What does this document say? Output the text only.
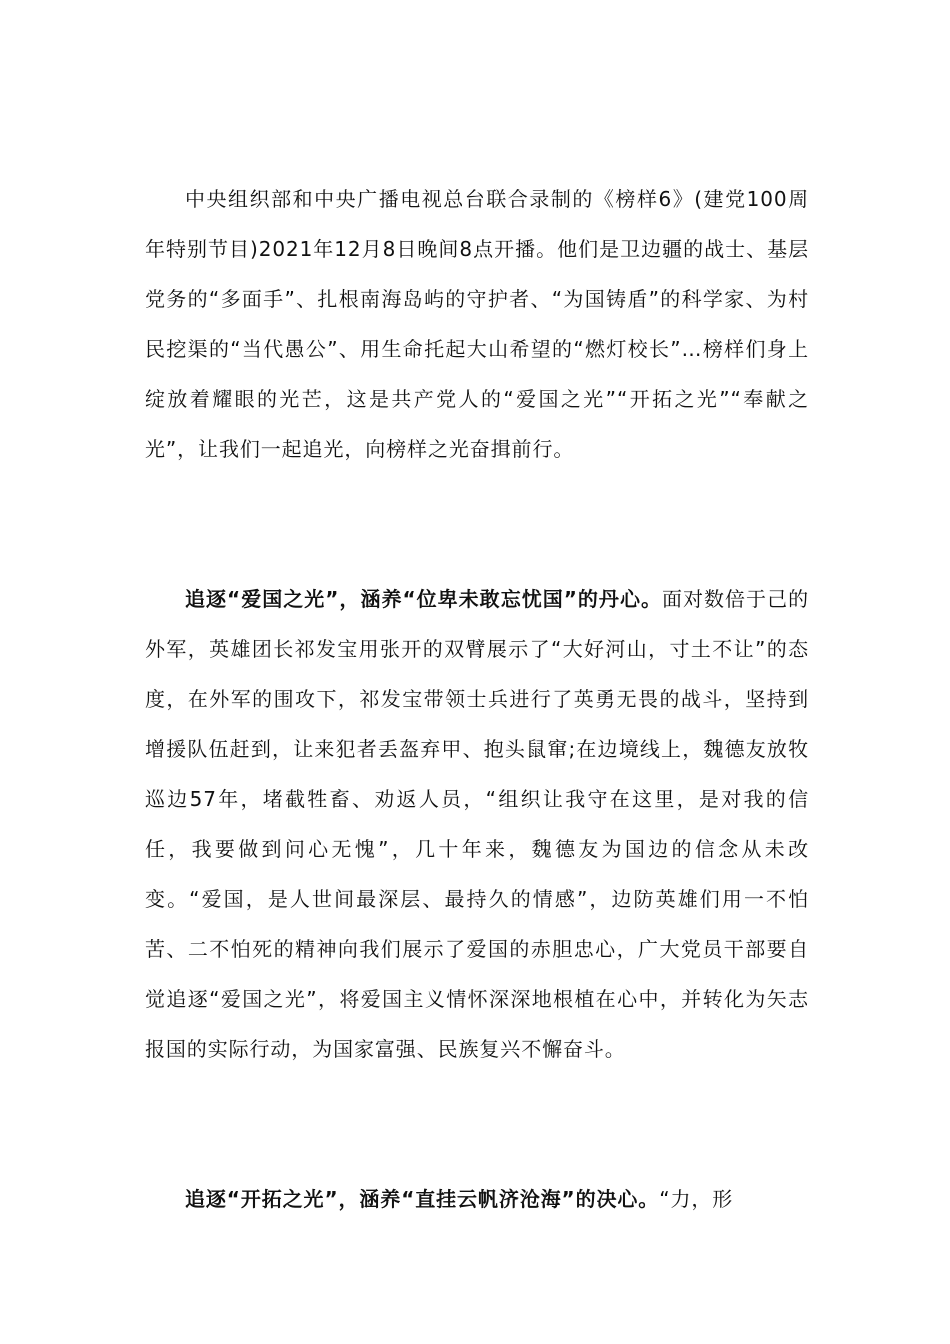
中央组织部和中央广播电视总台联合录制的《榜样6》(建党100周年特别节目)2021年12月8日晚间8点开播。他们是卫边疆的战士、基层党务的“多面手”、扎根南海岛屿的守护者、“为国铸盾”的科学家、为村民挖渠的“当代愚公”、用生命托起大山希望的“燃灯校长”…榜样们身上绽放着耀眼的光芒，这是共产党人的“爱国之光”“开拓之光”“奉献之光”，让我们一起追光，向榜样之光奋揖前行。

追逐“爱国之光”，涵养“位卑未敢忘忧国”的丹心。面对数倍于己的外军，英雄团长祁发宝用张开的双臂展示了“大好河山，寸土不让”的态度，在外军的围攻下，祁发宝带领士兵进行了英勇无畏的战斗，坚持到增援队伍赶到，让来犯者丢盔弃甲、抱头鼠窜;在边境线上，魏德友放牧巡边57年，堵截牲畜、劝返人员，“组织让我守在这里，是对我的信任，我要做到问心无愧”，几十年来，魏德友为国边的信念从未改变。“爱国，是人世间最深层、最持久的情感”，边防英雄们用一不怕苦、二不怕死的精神向我们展示了爱国的赤胆忠心，广大党员干部要自觉追逐“爱国之光”，将爱国主义情怀深深地根植在心中，并转化为矢志报国的实际行动，为国家富强、民族复兴不懈奋斗。

追逐“开拓之光”，涵养“直挂云帆济沧海”的决心。“力，形
